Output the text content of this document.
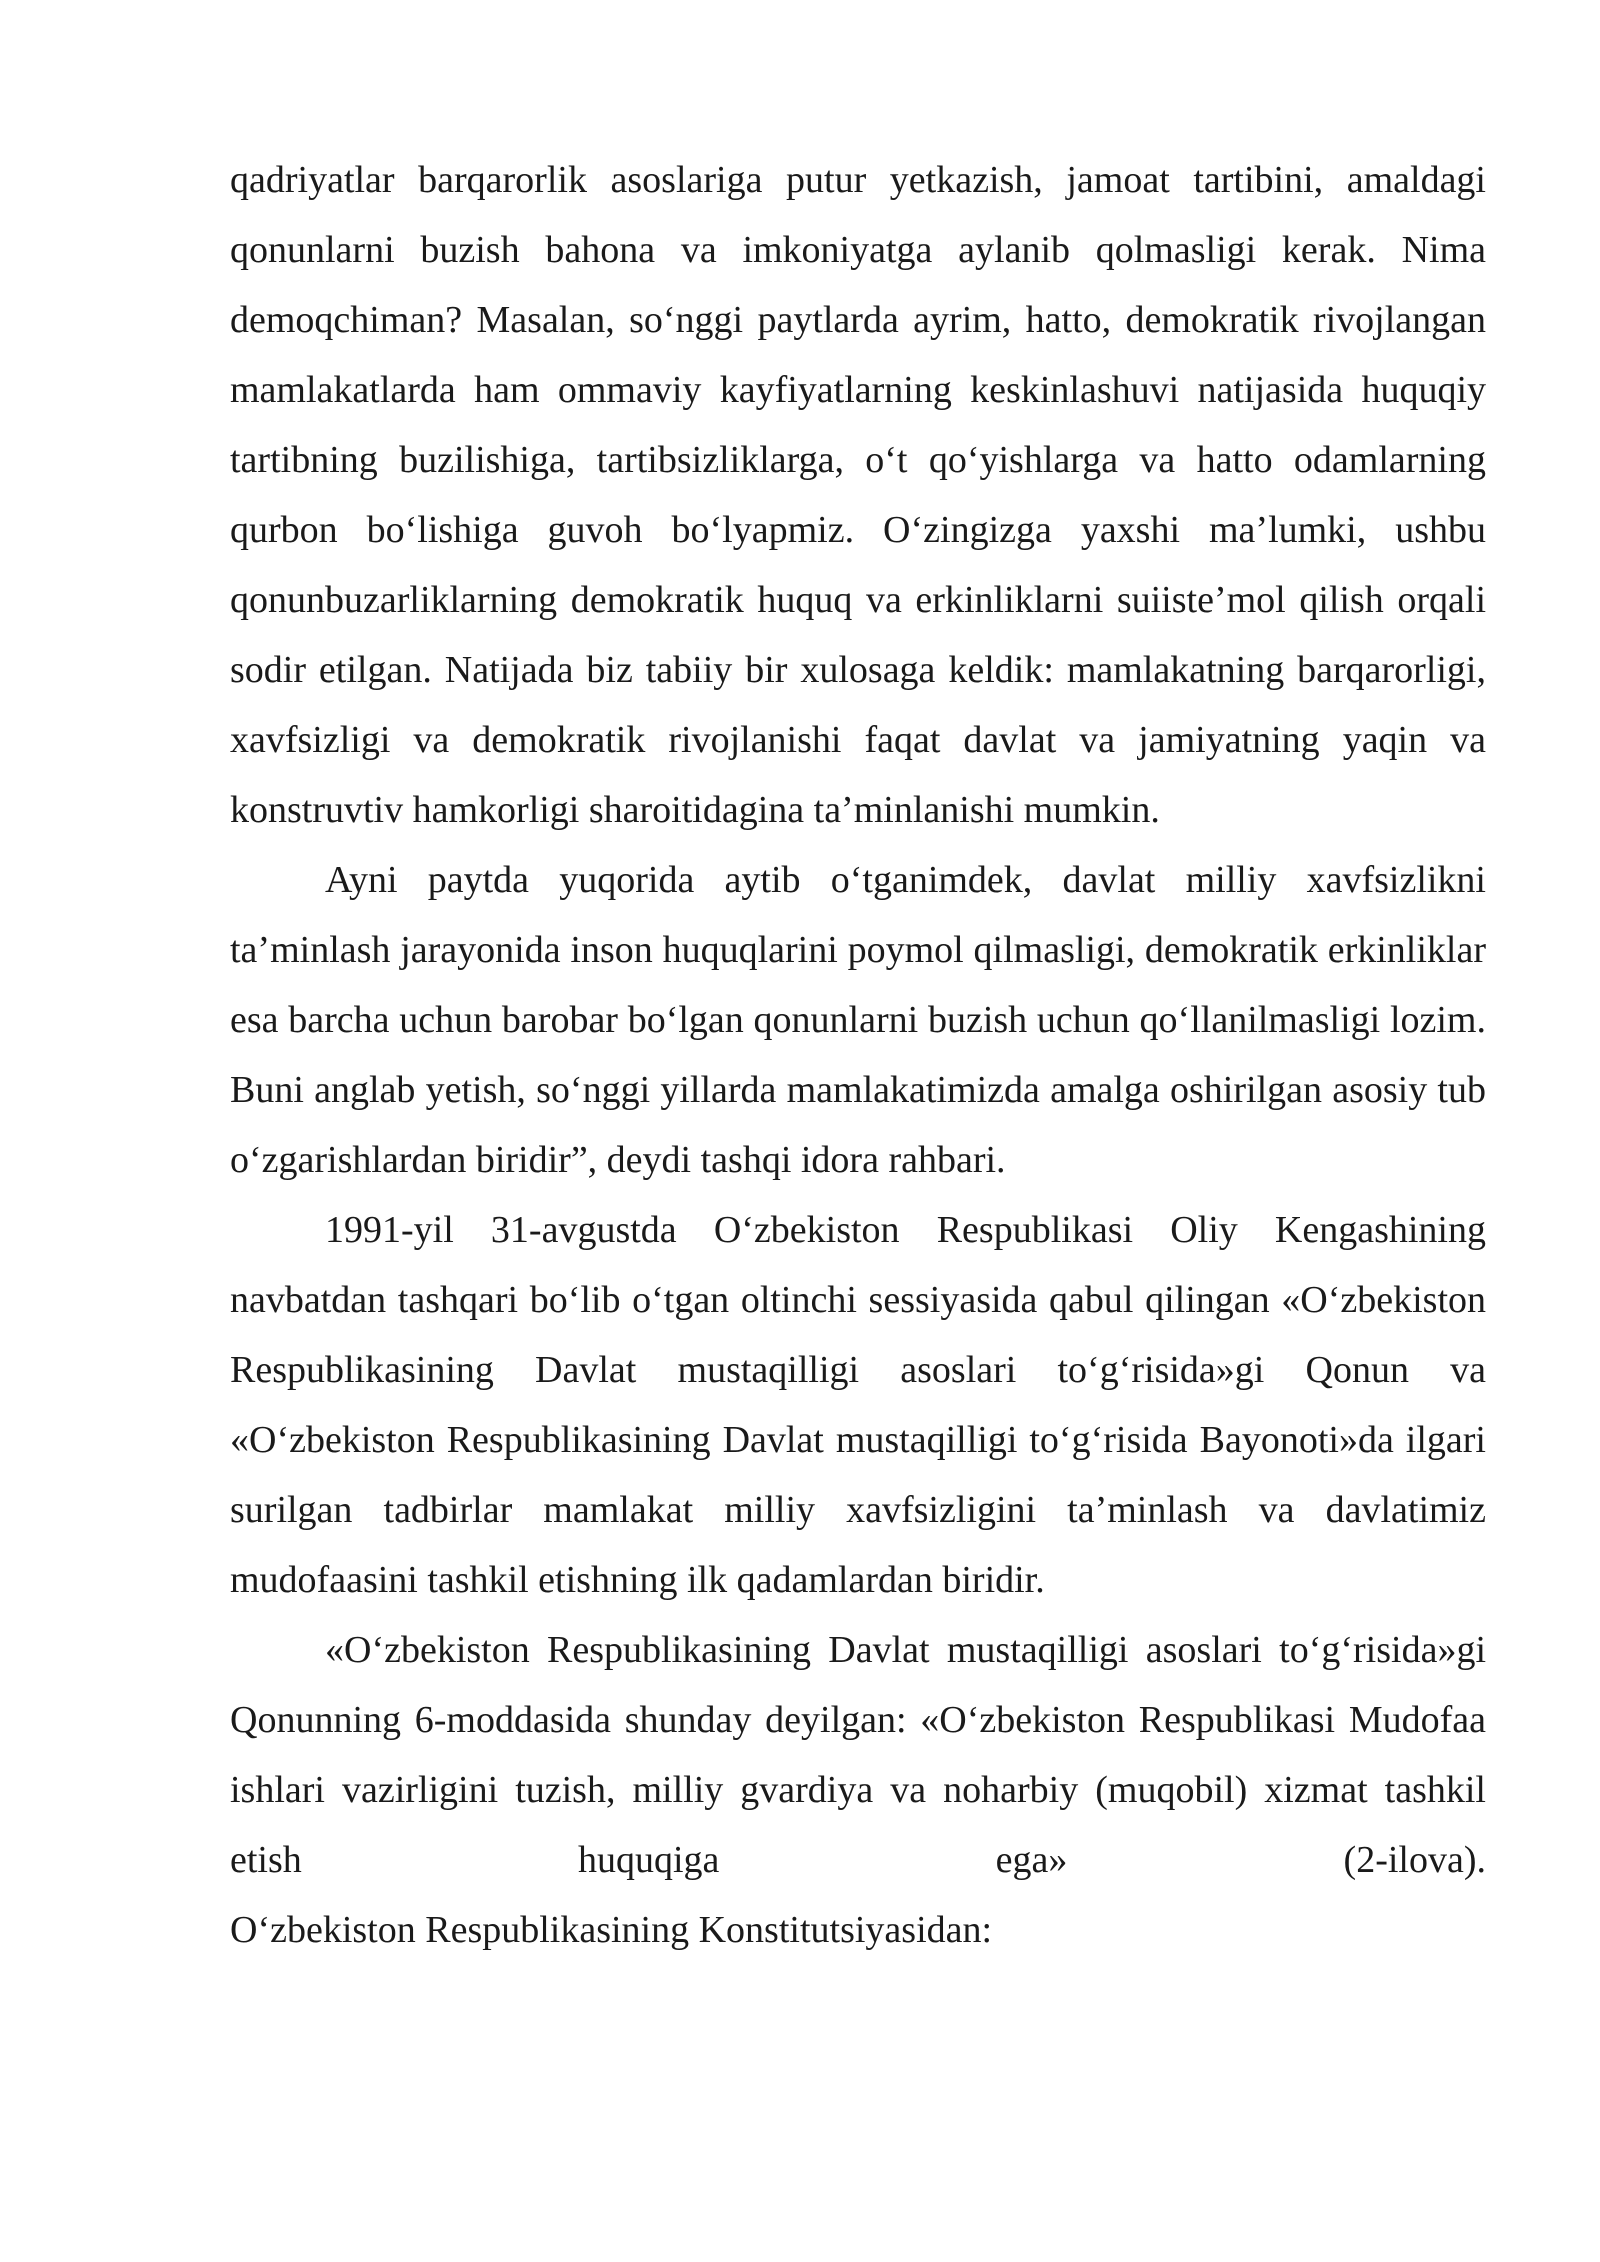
qadriyatlar barqarorlik asoslariga putur yetkazish, jamoat tartibini, amaldagi qonunlarni buzish bahona va imkoniyatga aylanib qolmasligi kerak. Nima demoqchiman? Masalan, so‘nggi paytlarda ayrim, hatto, demokratik rivojlangan mamlakatlarda ham ommaviy kayfiyatlarning keskinlashuvi natijasida huquqiy tartibning buzilishiga, tartibsizliklarga, o‘t qo‘yishlarga va hatto odamlarning qurbon bo‘lishiga guvoh bo‘lyapmiz. O‘zingizga yaxshi ma’lumki, ushbu qonunbuzarliklarning demokratik huquq va erkinliklarni suiiste’mol qilish orqali sodir etilgan. Natijada biz tabiiy bir xulosaga keldik: mamlakatning barqarorligi, xavfsizligi va demokratik rivojlanishi faqat davlat va jamiyatning yaqin va konstruvtiv hamkorligi sharoitidagina ta’minlanishi mumkin.

Ayni paytda yuqorida aytib o‘tganimdek, davlat milliy xavfsizlikni ta’minlash jarayonida inson huquqlarini poymol qilmasligi, demokratik erkinliklar esa barcha uchun barobar bo‘lgan qonunlarni buzish uchun qo‘llanilmasligi lozim. Buni anglab yetish, so‘nggi yillarda mamlakatimizda amalga oshirilgan asosiy tub o‘zgarishlardan biridir”, deydi tashqi idora rahbari.

1991-yil 31-avgustda O‘zbekiston Respublikasi Oliy Kengashining navbatdan tashqari bo‘lib o‘tgan oltinchi sessiyasida qabul qilingan «O‘zbekiston Respublikasining Davlat mustaqilligi asoslari to‘g‘risida»gi Qonun va «O‘zbekiston Respublikasining Davlat mustaqilligi to‘g‘risida Bayonoti»da ilgari surilgan tadbirlar mamlakat milliy xavfsizligini ta’minlash va davlatimiz mudofaasini tashkil etishning ilk qadamlardan biridir.

«O‘zbekiston Respublikasining Davlat mustaqilligi asoslari to‘g‘risida»gi Qonunning 6-moddasida shunday deyilgan: «O‘zbekiston Respublikasi Mudofaa ishlari vazirligini tuzish, milliy gvardiya va noharbiy (muqobil) xizmat tashkil etish huquqiga ega» (2-ilova).

O‘zbekiston Respublikasining Konstitutsiyasidan:
